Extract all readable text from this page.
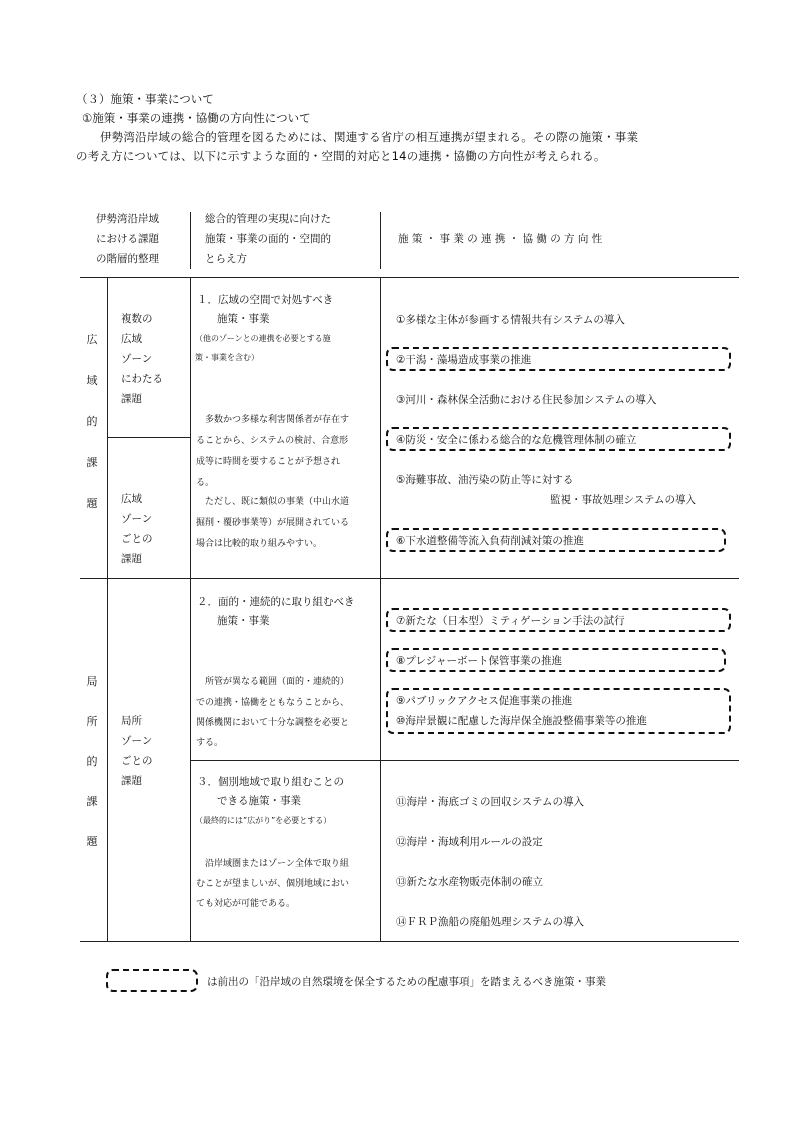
（３）施策・事業について
①施策・事業の連携・協働の方向性について
伊勢湾沿岸域の総合的管理を図るためには、関連する省庁の相互連携が望まれる。その際の施策・事業
の考え方については、以下に示すような面的・空間的対応と14の連携・協働の方向性が考えられる。
伊勢湾沿岸域
における課題
の階層的整理
総合的管理の実現に向けた
施策・事業の面的・空間的
とらえ方
施 策 ・ 事 業 の 連 携 ・ 協 働 の 方 向 性
広
域
的
課
題
局
所
的
課
題
複数の
広域
ゾーン
にわたる
課題
広域
ゾーン
ごとの
課題
局所
ゾーン
ごとの
課題
１．広域の空間で対処すべき
施策・事業
（他のゾーンとの連携を必要とする施
策・事業を含む）
多数かつ多様な利害関係者が存在す
ることから、システムの検討、合意形
成等に時間を要することが予想され
る。
ただし、既に類似の事業（中山水道
掘削・覆砂事業等）が展開されている
場合は比較的取り組みやすい。
２．面的・連続的に取り組むべき
施策・事業
所管が異なる範囲（面的・連続的）
での連携・協働をともなうことから、
関係機関において十分な調整を必要と
する。
３．個別地域で取り組むことの
できる施策・事業
（最終的には”広がり”を必要とする）
沿岸域圏またはゾーン全体で取り組
むことが望ましいが、個別地域におい
ても対応が可能である。
①多様な主体が参画する情報共有システムの導入
②干潟・藻場造成事業の推進
③河川・森林保全活動における住民参加システムの導入
④防災・安全に係わる総合的な危機管理体制の確立
⑤海難事故、油汚染の防止等に対する
監視・事故処理システムの導入
⑥下水道整備等流入負荷削減対策の推進
⑦新たな（日本型）ミティゲーション手法の試行
⑧プレジャーボート保管事業の推進
⑨パブリックアクセス促進事業の推進
⑩海岸景観に配慮した海岸保全施設整備事業等の推進
⑪海岸・海底ゴミの回収システムの導入
⑫海岸・海域利用ルールの設定
⑬新たな水産物販売体制の確立
⑭ＦＲＰ漁船の廃船処理システムの導入
は前出の「沿岸域の自然環境を保全するための配慮事項」を踏まえるべき施策・事業
